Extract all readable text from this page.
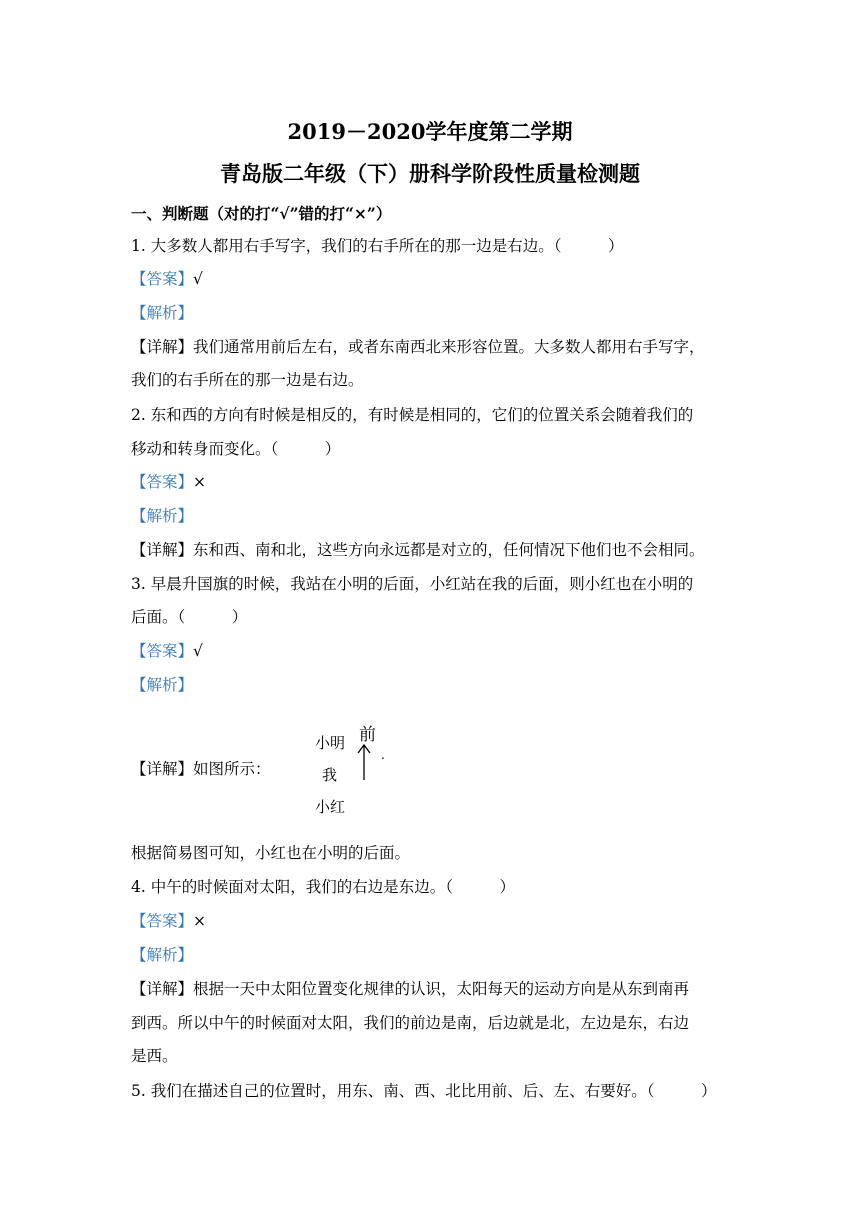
2019－2020学年度第二学期
青岛版二年级（下）册科学阶段性质量检测题
一、判断题（对的打“√”错的打“×”）
1. 大多数人都用右手写字，我们的右手所在的那一边是右边。（　　　）
【答案】√
【解析】
【详解】我们通常用前后左右，或者东南西北来形容位置。大多数人都用右手写字，
我们的右手所在的那一边是右边。
2. 东和西的方向有时候是相反的，有时候是相同的，它们的位置关系会随着我们的
移动和转身而变化。（　　　）
【答案】×
【解析】
【详解】东和西、南和北，这些方向永远都是对立的，任何情况下他们也不会相同。
3. 早晨升国旗的时候，我站在小明的后面，小红站在我的后面，则小红也在小明的
后面。（　　　）
【答案】√
【解析】
【详解】如图所示：
根据简易图可知，小红也在小明的后面。
4. 中午的时候面对太阳，我们的右边是东边。（　　　）
【答案】×
【解析】
【详解】根据一天中太阳位置变化规律的认识，太阳每天的运动方向是从东到南再
到西。所以中午的时候面对太阳，我们的前边是南，后边就是北，左边是东，右边
是西。
5. 我们在描述自己的位置时，用东、南、西、北比用前、后、左、右要好。（　　　）
小明 前
我
小红
.
